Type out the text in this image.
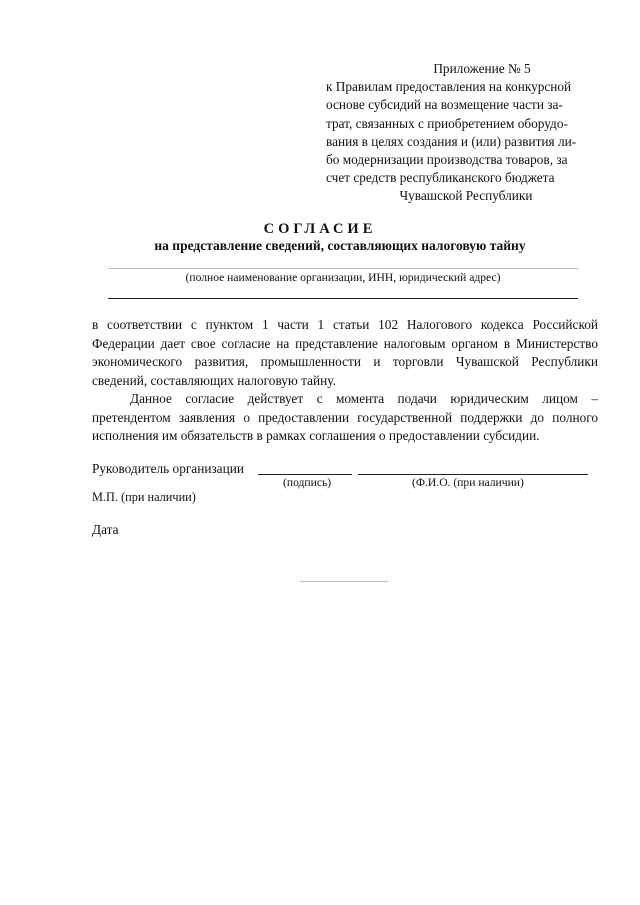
Приложение № 5
к Правилам предоставления на конкурсной
основе субсидий на возмещение части за-
трат, связанных с приобретением оборудо-
вания в целях создания и (или) развития ли-
бо модернизации производства товаров, за
счет средств республиканского бюджета
Чувашской Республики
СОГЛАСИЕ
на представление сведений, составляющих налоговую тайну
(полное наименование организации, ИНН, юридический адрес)

в соответствии с пунктом 1 части 1 статьи 102 Налогового кодекса Российской Федерации дает свое согласие на представление налоговым органом в Министерство экономического развития, промышленности и торговли Чувашской Республики сведений, составляющих налоговую тайну.

Данное согласие действует с момента подачи юридическим лицом – претендентом заявления о предоставлении государственной поддержки до полного исполнения им обязательств в рамках соглашения о предоставлении субсидии.

Руководитель организации
(подпись)	(Ф.И.О. (при наличии)
М.П. (при наличии)
Дата
